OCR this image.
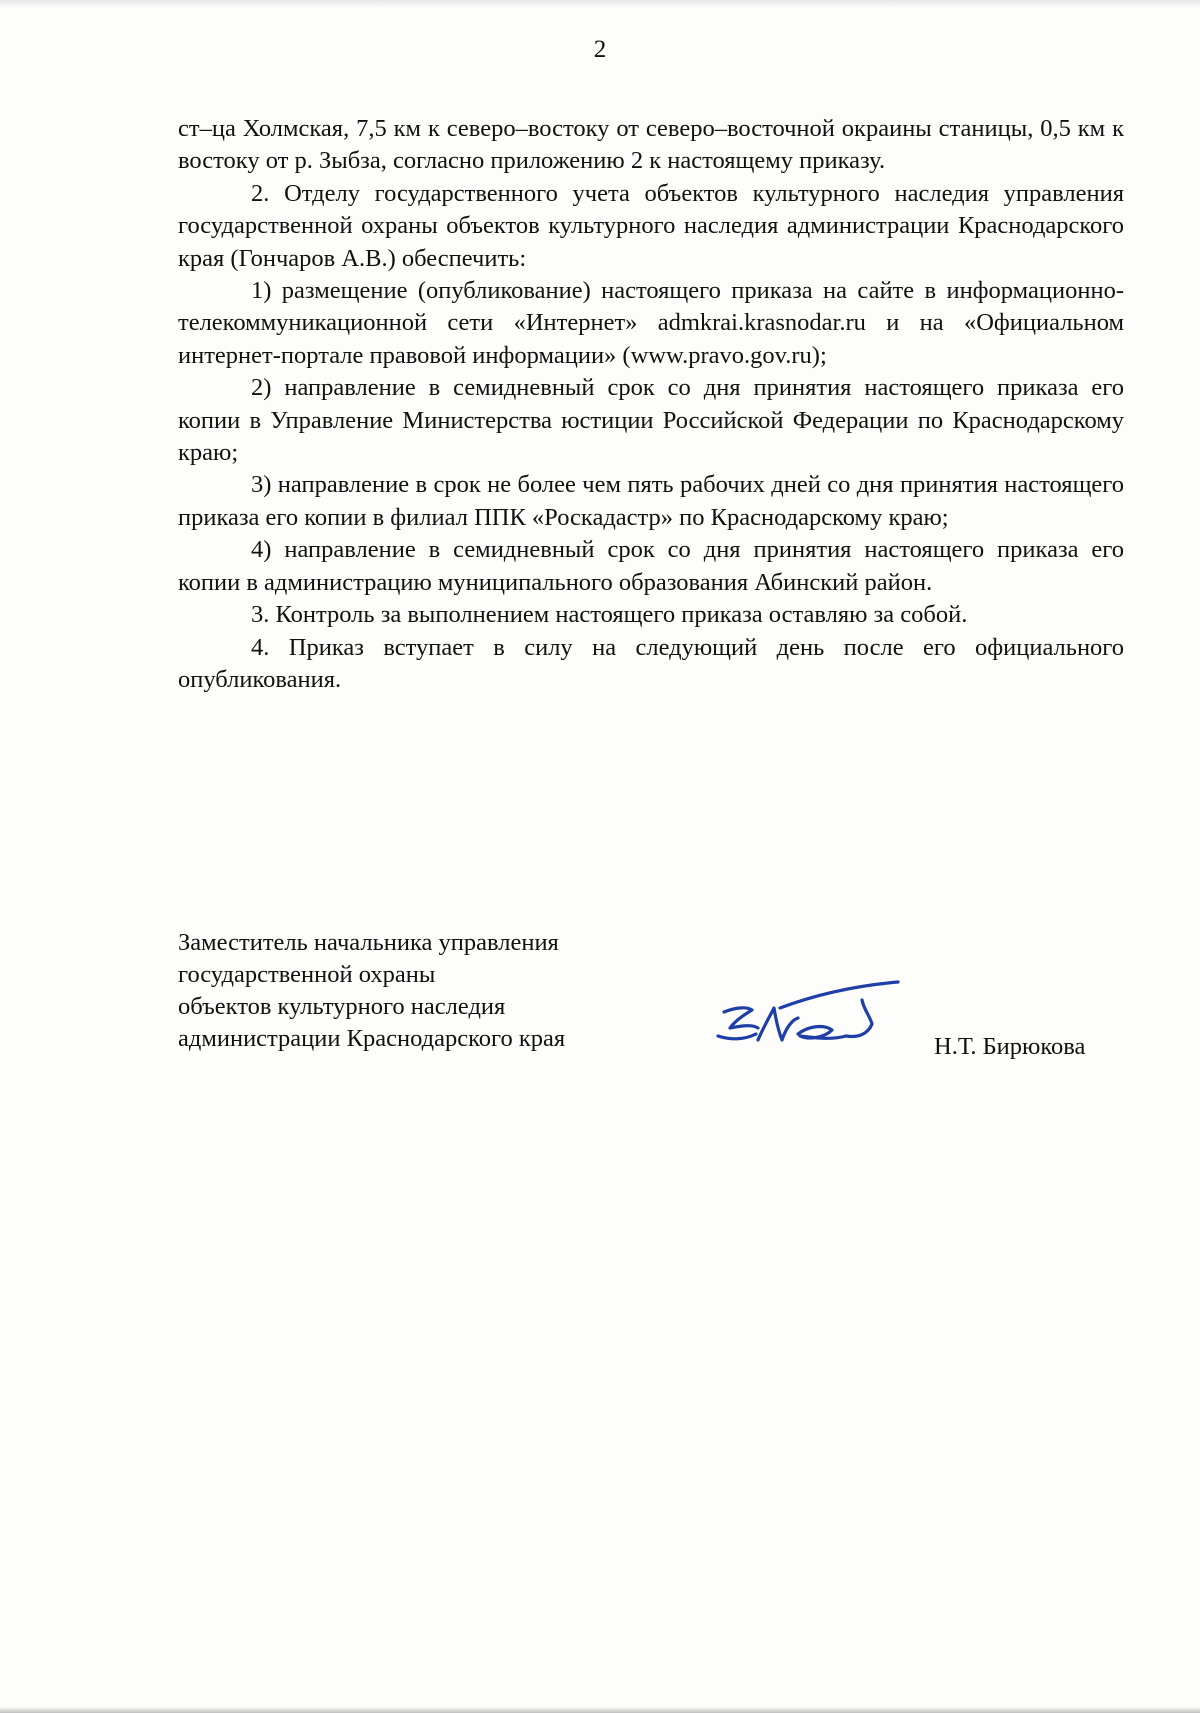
2

ст–ца Холмская, 7,5 км к северо–востоку от северо–восточной окраины станицы, 0,5 км к востоку от р. Зыбза, согласно приложению 2 к настоящему приказу.

2. Отделу государственного учета объектов культурного наследия управления государственной охраны объектов культурного наследия администрации Краснодарского края (Гончаров А.В.) обеспечить:

1) размещение (опубликование) настоящего приказа на сайте в информационно-телекоммуникационной сети «Интернет» admkrai.krasnodar.ru и на «Официальном интернет-портале правовой информации» (www.pravo.gov.ru);

2) направление в семидневный срок со дня принятия настоящего приказа его копии в Управление Министерства юстиции Российской Федерации по Краснодарскому краю;

3) направление в срок не более чем пять рабочих дней со дня принятия настоящего приказа его копии в филиал ППК «Роскадастр» по Краснодарскому краю;

4) направление в семидневный срок со дня принятия настоящего приказа его копии в администрацию муниципального образования Абинский район.

3. Контроль за выполнением настоящего приказа оставляю за собой.

4. Приказ вступает в силу на следующий день после его официального опубликования.

Заместитель начальника управления
государственной охраны
объектов культурного наследия
администрации Краснодарского края	Н.Т. Бирюкова
